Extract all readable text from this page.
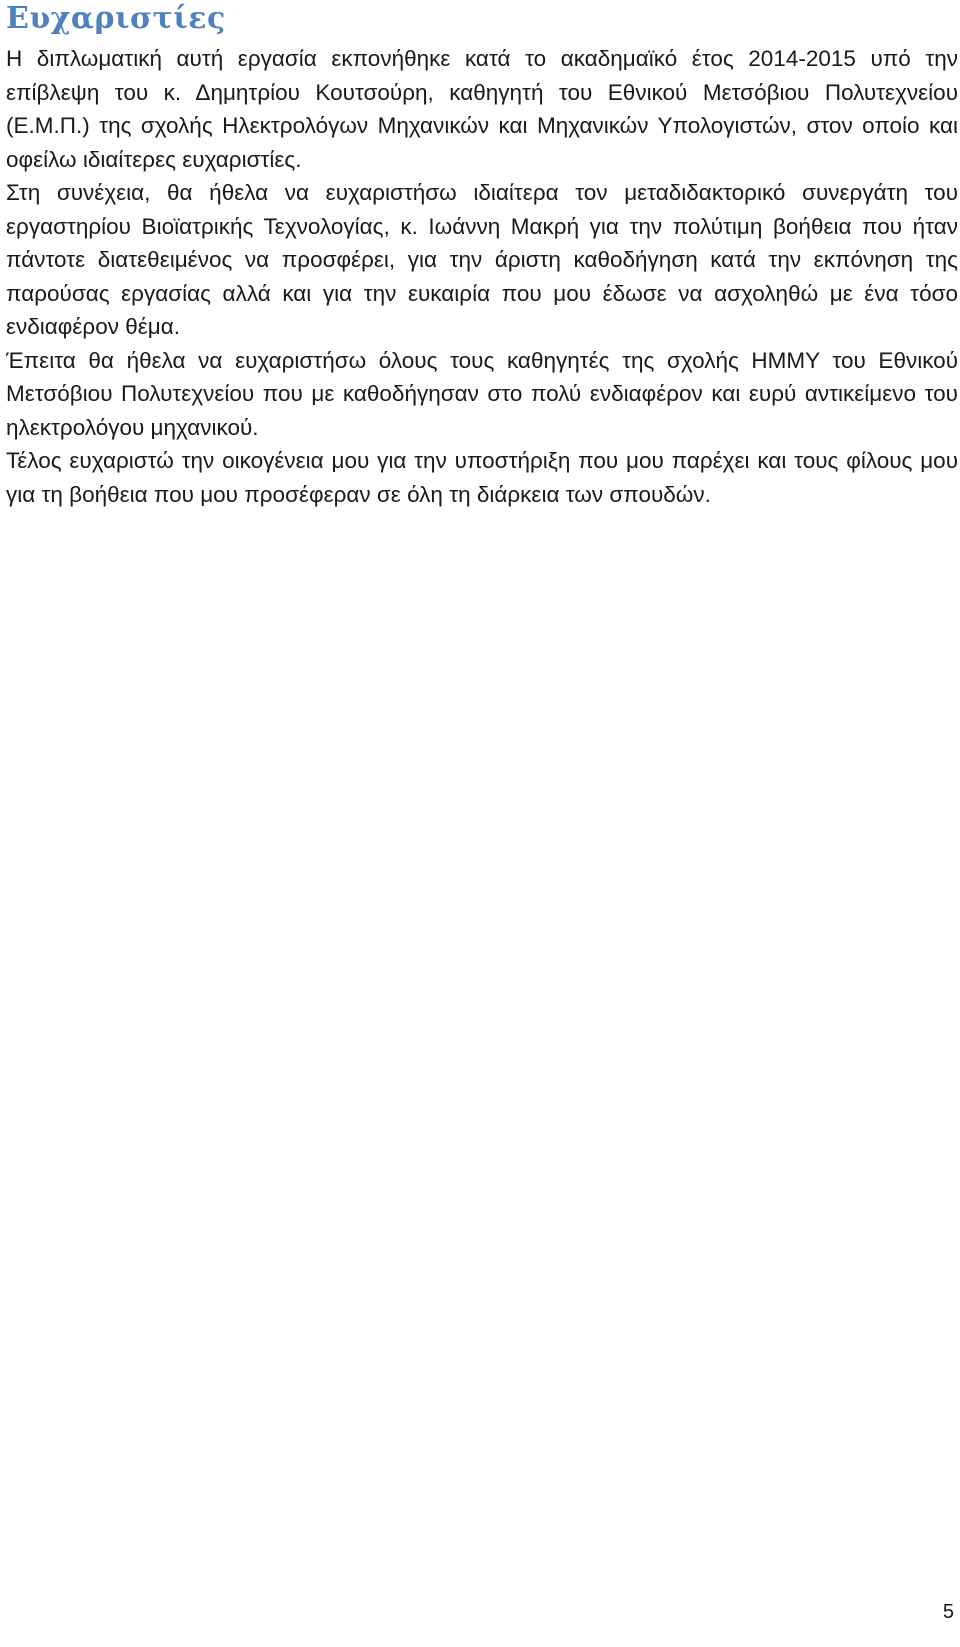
Ευχαριστίες

Η διπλωματική αυτή εργασία εκπονήθηκε κατά το ακαδημαϊκό έτος 2014-2015 υπό την επίβλεψη του κ. Δημητρίου Κουτσούρη, καθηγητή του Εθνικού Μετσόβιου Πολυτεχνείου (Ε.Μ.Π.) της σχολής Ηλεκτρολόγων Μηχανικών και Μηχανικών Υπολογιστών, στον οποίο και οφείλω ιδιαίτερες ευχαριστίες.

Στη συνέχεια, θα ήθελα να ευχαριστήσω ιδιαίτερα τον μεταδιδακτορικό συνεργάτη του εργαστηρίου Βιοϊατρικής Τεχνολογίας, κ. Ιωάννη Μακρή για την πολύτιμη βοήθεια που ήταν πάντοτε διατεθειμένος να προσφέρει, για την άριστη καθοδήγηση κατά την εκπόνηση της παρούσας εργασίας αλλά και για την ευκαιρία που μου έδωσε να ασχοληθώ με ένα τόσο ενδιαφέρον θέμα.

Έπειτα θα ήθελα να ευχαριστήσω όλους τους καθηγητές της σχολής ΗΜΜΥ του Εθνικού Μετσόβιου Πολυτεχνείου που με καθοδήγησαν στο πολύ ενδιαφέρον και ευρύ αντικείμενο του ηλεκτρολόγου μηχανικού.

Τέλος ευχαριστώ την οικογένεια μου για την υποστήριξη που μου παρέχει και τους φίλους μου για τη βοήθεια που μου προσέφεραν σε όλη τη διάρκεια των σπουδών.

5
